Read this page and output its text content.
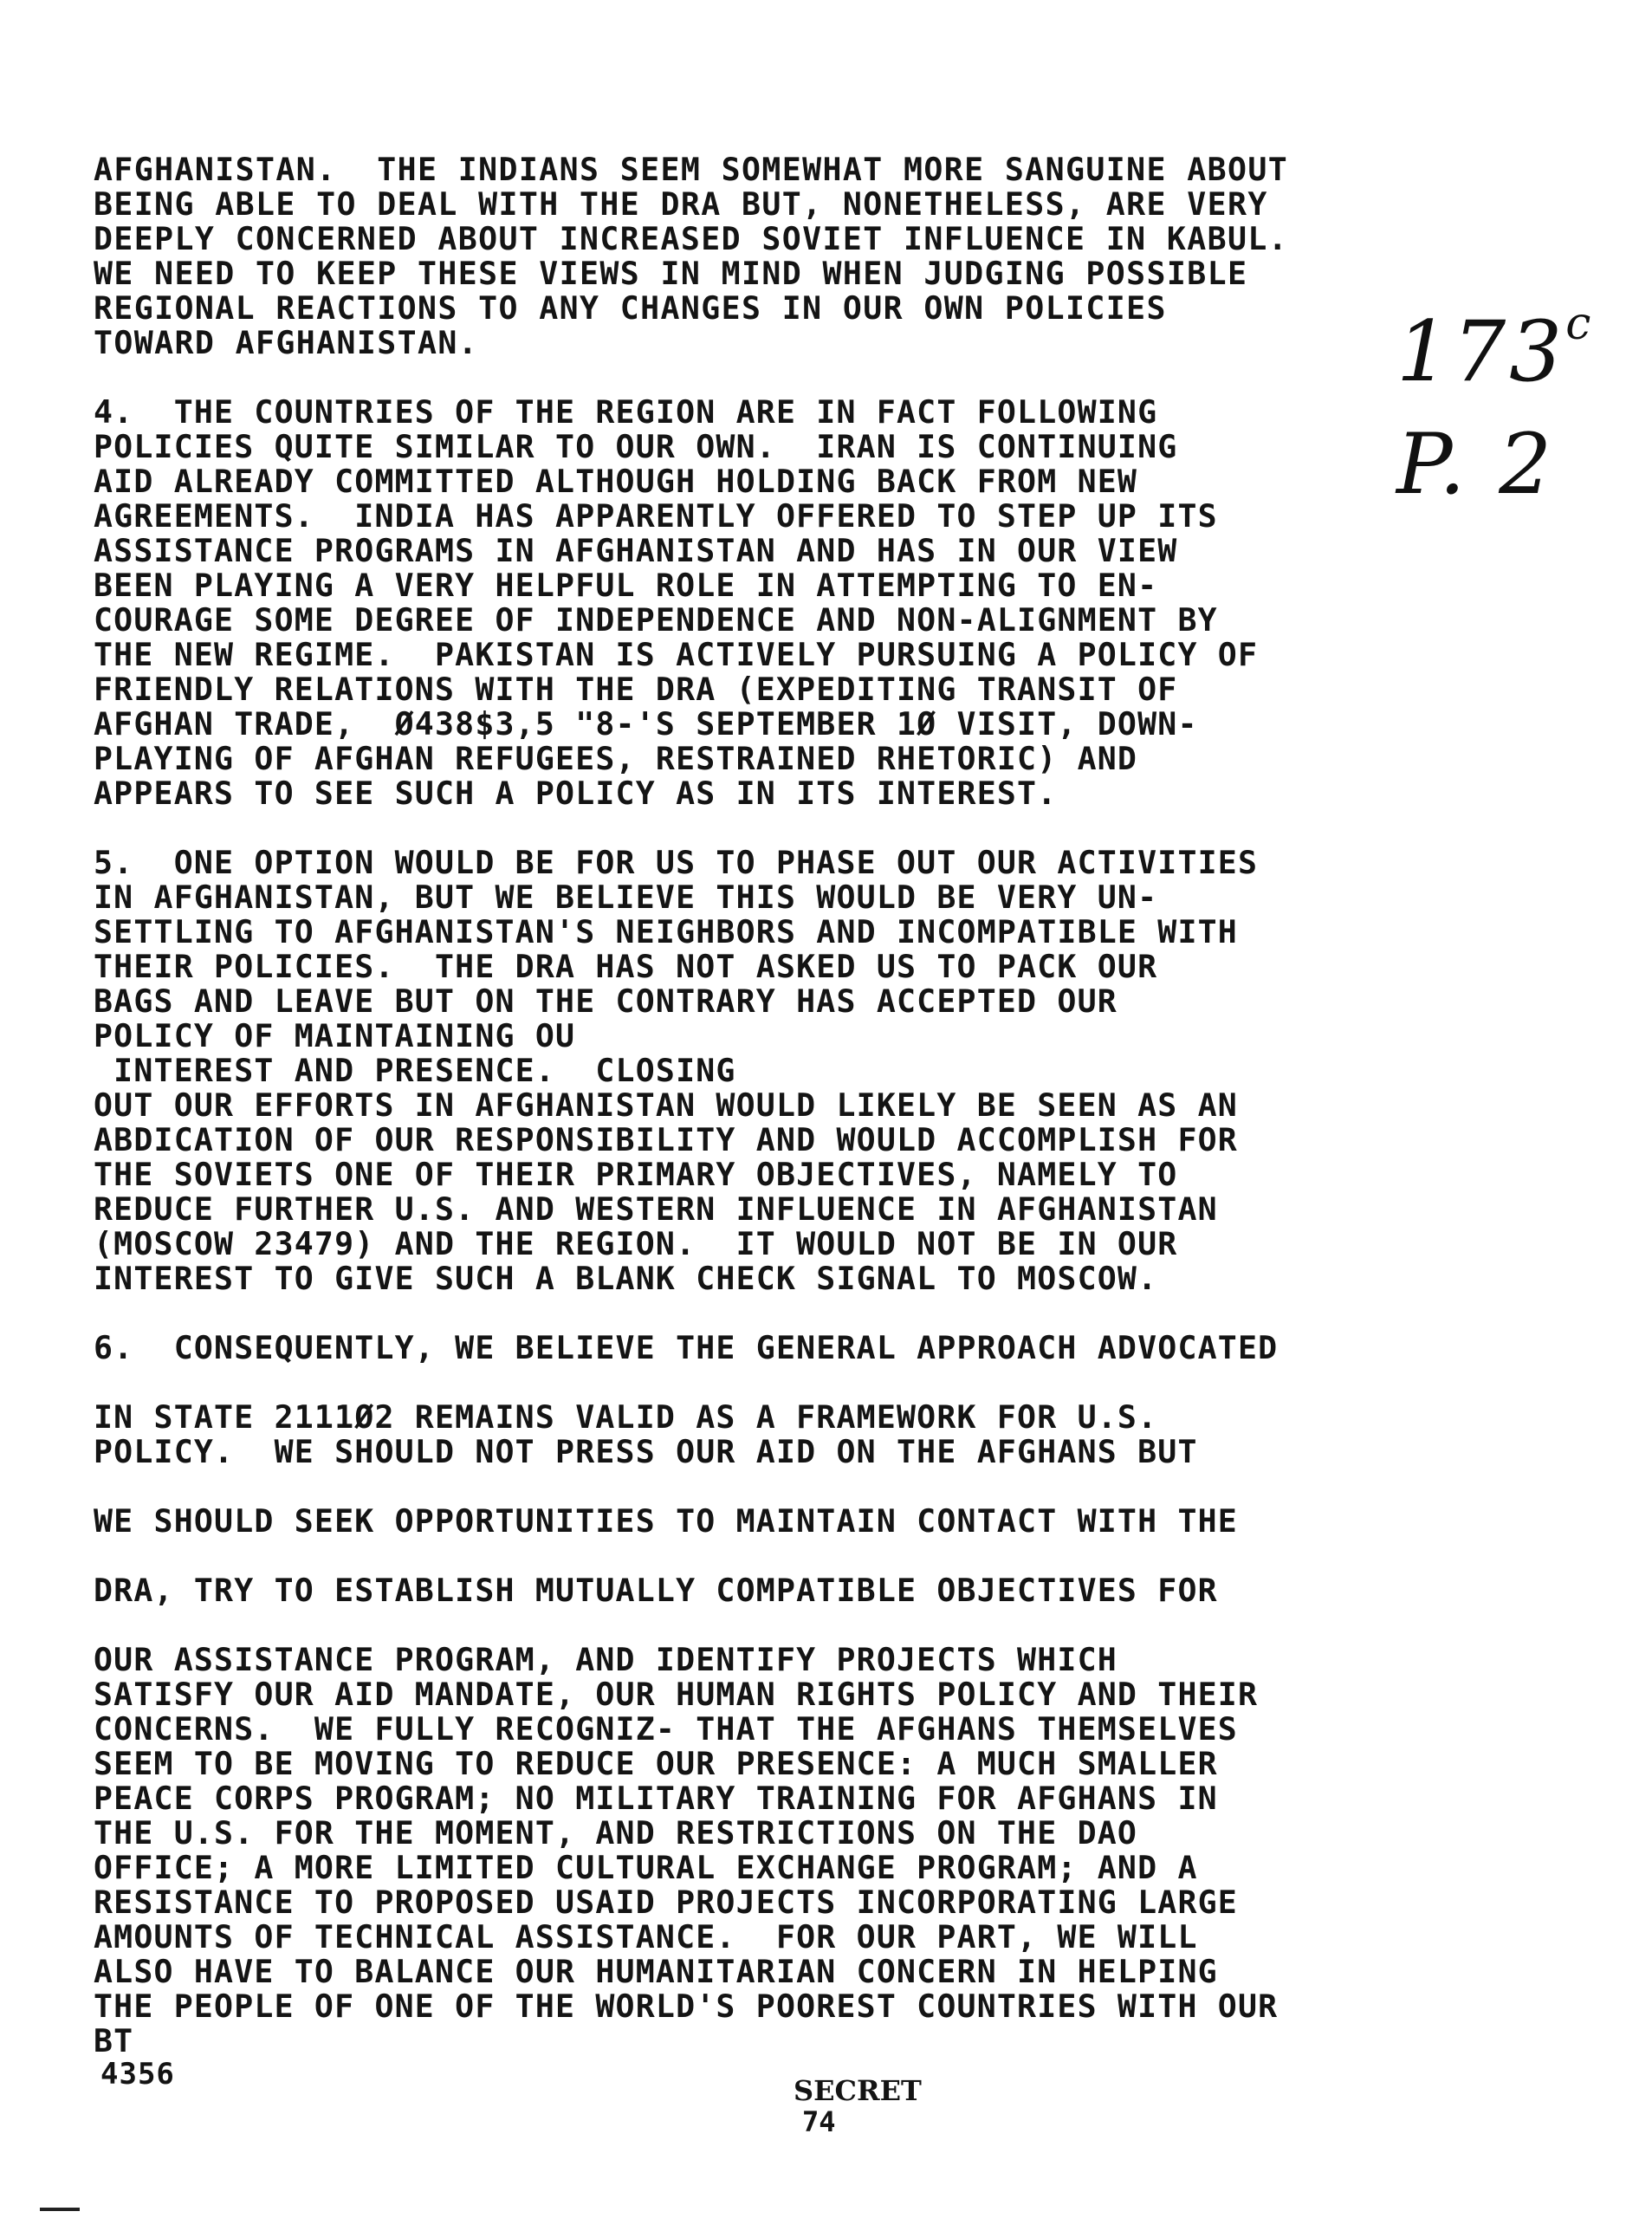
AFGHANISTAN.  THE INDIANS SEEM SOMEWHAT MORE SANGUINE ABOUT
BEING ABLE TO DEAL WITH THE DRA BUT, NONETHELESS, ARE VERY
DEEPLY CONCERNED ABOUT INCREASED SOVIET INFLUENCE IN KABUL.
WE NEED TO KEEP THESE VIEWS IN MIND WHEN JUDGING POSSIBLE
REGIONAL REACTIONS TO ANY CHANGES IN OUR OWN POLICIES
TOWARD AFGHANISTAN.
4.  THE COUNTRIES OF THE REGION ARE IN FACT FOLLOWING
POLICIES QUITE SIMILAR TO OUR OWN.  IRAN IS CONTINUING
AID ALREADY COMMITTED ALTHOUGH HOLDING BACK FROM NEW
AGREEMENTS.  INDIA HAS APPARENTLY OFFERED TO STEP UP ITS
ASSISTANCE PROGRAMS IN AFGHANISTAN AND HAS IN OUR VIEW
BEEN PLAYING A VERY HELPFUL ROLE IN ATTEMPTING TO EN-
COURAGE SOME DEGREE OF INDEPENDENCE AND NON-ALIGNMENT BY
THE NEW REGIME.  PAKISTAN IS ACTIVELY PURSUING A POLICY OF
FRIENDLY RELATIONS WITH THE DRA (EXPEDITING TRANSIT OF
AFGHAN TRADE,  Ø438$3,5 "8-'S SEPTEMBER 1Ø VISIT, DOWN-
PLAYING OF AFGHAN REFUGEES, RESTRAINED RHETORIC) AND
APPEARS TO SEE SUCH A POLICY AS IN ITS INTEREST.
5.  ONE OPTION WOULD BE FOR US TO PHASE OUT OUR ACTIVITIES
IN AFGHANISTAN, BUT WE BELIEVE THIS WOULD BE VERY UN-
SETTLING TO AFGHANISTAN'S NEIGHBORS AND INCOMPATIBLE WITH
THEIR POLICIES.  THE DRA HAS NOT ASKED US TO PACK OUR
BAGS AND LEAVE BUT ON THE CONTRARY HAS ACCEPTED OUR
POLICY OF MAINTAINING OU
INTEREST AND PRESENCE.  CLOSING
OUT OUR EFFORTS IN AFGHANISTAN WOULD LIKELY BE SEEN AS AN
ABDICATION OF OUR RESPONSIBILITY AND WOULD ACCOMPLISH FOR
THE SOVIETS ONE OF THEIR PRIMARY OBJECTIVES, NAMELY TO
REDUCE FURTHER U.S. AND WESTERN INFLUENCE IN AFGHANISTAN
(MOSCOW 23479) AND THE REGION.  IT WOULD NOT BE IN OUR
INTEREST TO GIVE SUCH A BLANK CHECK SIGNAL TO MOSCOW.
6.  CONSEQUENTLY, WE BELIEVE THE GENERAL APPROACH ADVOCATED
IN STATE 2111Ø2 REMAINS VALID AS A FRAMEWORK FOR U.S.
POLICY.  WE SHOULD NOT PRESS OUR AID ON THE AFGHANS BUT
WE SHOULD SEEK OPPORTUNITIES TO MAINTAIN CONTACT WITH THE
DRA, TRY TO ESTABLISH MUTUALLY COMPATIBLE OBJECTIVES FOR
OUR ASSISTANCE PROGRAM, AND IDENTIFY PROJECTS WHICH
SATISFY OUR AID MANDATE, OUR HUMAN RIGHTS POLICY AND THEIR
CONCERNS.  WE FULLY RECOGNIZ- THAT THE AFGHANS THEMSELVES
SEEM TO BE MOVING TO REDUCE OUR PRESENCE: A MUCH SMALLER
PEACE CORPS PROGRAM; NO MILITARY TRAINING FOR AFGHANS IN
THE U.S. FOR THE MOMENT, AND RESTRICTIONS ON THE DAO
OFFICE; A MORE LIMITED CULTURAL EXCHANGE PROGRAM; AND A
RESISTANCE TO PROPOSED USAID PROJECTS INCORPORATING LARGE
AMOUNTS OF TECHNICAL ASSISTANCE.  FOR OUR PART, WE WILL
ALSO HAVE TO BALANCE OUR HUMANITARIAN CONCERN IN HELPING
THE PEOPLE OF ONE OF THE WORLD'S POOREST COUNTRIES WITH OUR
BT
173$^c$
P. 2
4356	SECRET
74
